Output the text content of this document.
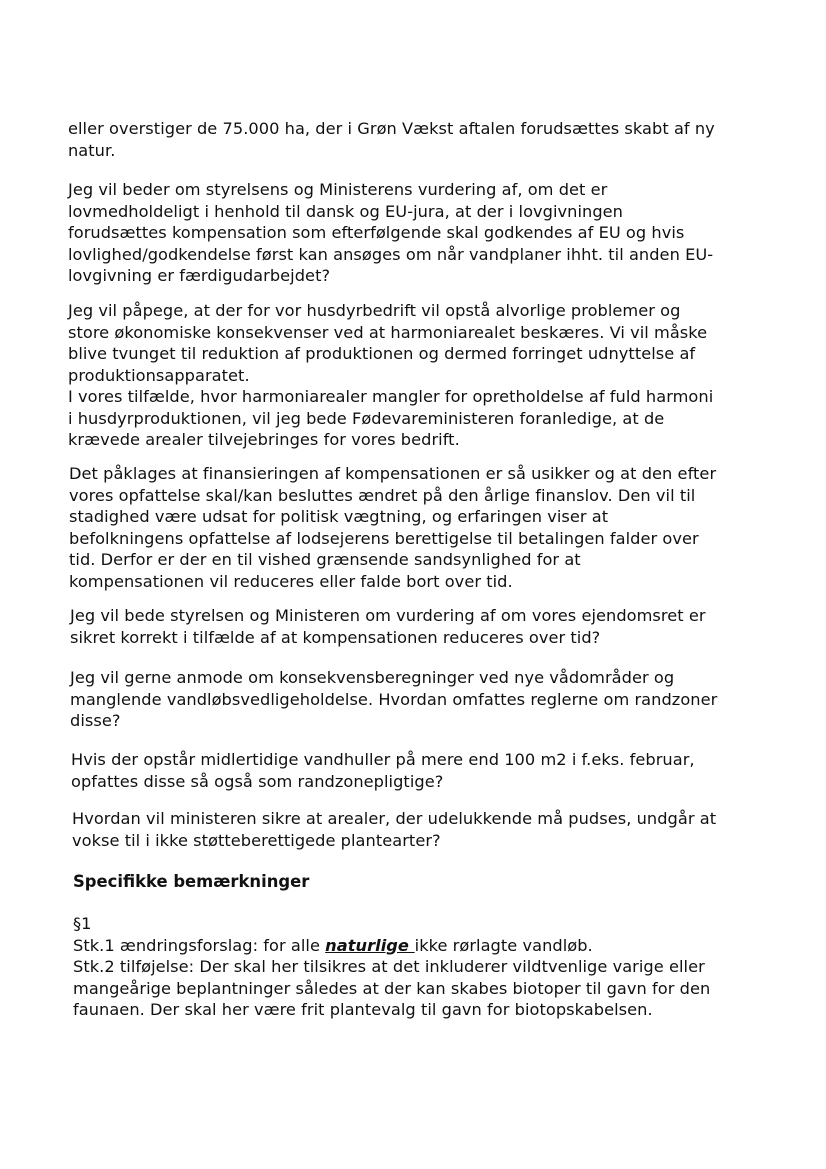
eller overstiger de 75.000 ha, der i Grøn Vækst aftalen forudsættes skabt af ny
natur.
Jeg vil beder om styrelsens og Ministerens vurdering af, om det er
lovmedholdeligt i henhold til dansk og EU-jura, at der i lovgivningen
forudsættes kompensation som efterfølgende skal godkendes af EU og hvis
lovlighed/godkendelse først kan ansøges om når vandplaner ihht. til anden EU-
lovgivning er færdigudarbejdet?
Jeg vil påpege, at der for vor husdyrbedrift vil opstå alvorlige problemer og
store økonomiske konsekvenser ved at harmoniarealet beskæres. Vi vil måske
blive tvunget til reduktion af produktionen og dermed forringet udnyttelse af
produktionsapparatet.
I vores tilfælde, hvor harmoniarealer mangler for opretholdelse af fuld harmoni
i husdyrproduktionen, vil jeg bede Fødevareministeren foranledige, at de
krævede arealer tilvejebringes for vores bedrift.
Det påklages at finansieringen af kompensationen er så usikker og at den efter
vores opfattelse skal/kan besluttes ændret på den årlige finanslov. Den vil til
stadighed være udsat for politisk vægtning, og erfaringen viser at
befolkningens opfattelse af lodsejerens berettigelse til betalingen falder over
tid. Derfor er der en til vished grænsende sandsynlighed for at
kompensationen vil reduceres eller falde bort over tid.
Jeg vil bede styrelsen og Ministeren om vurdering af om vores ejendomsret er
sikret korrekt i tilfælde af at kompensationen reduceres over tid?
Jeg vil gerne anmode om konsekvensberegninger ved nye vådområder og
manglende vandløbsvedligeholdelse. Hvordan omfattes reglerne om randzoner
disse?
Hvis der opstår midlertidige vandhuller på mere end 100 m2 i f.eks. februar,
opfattes disse så også som randzonepligtige?
Hvordan vil ministeren sikre at arealer, der udelukkende må pudses, undgår at
vokse til i ikke støtteberettigede plantearter?
Specifikke bemærkninger
§1
Stk.1 ændringsforslag: for alle naturlige ikke rørlagte vandløb.
Stk.2 tilføjelse: Der skal her tilsikres at det inkluderer vildtvenlige varige eller
mangeårige beplantninger således at der kan skabes biotoper til gavn for den
faunaen. Der skal her være frit plantevalg til gavn for biotopskabelsen.
